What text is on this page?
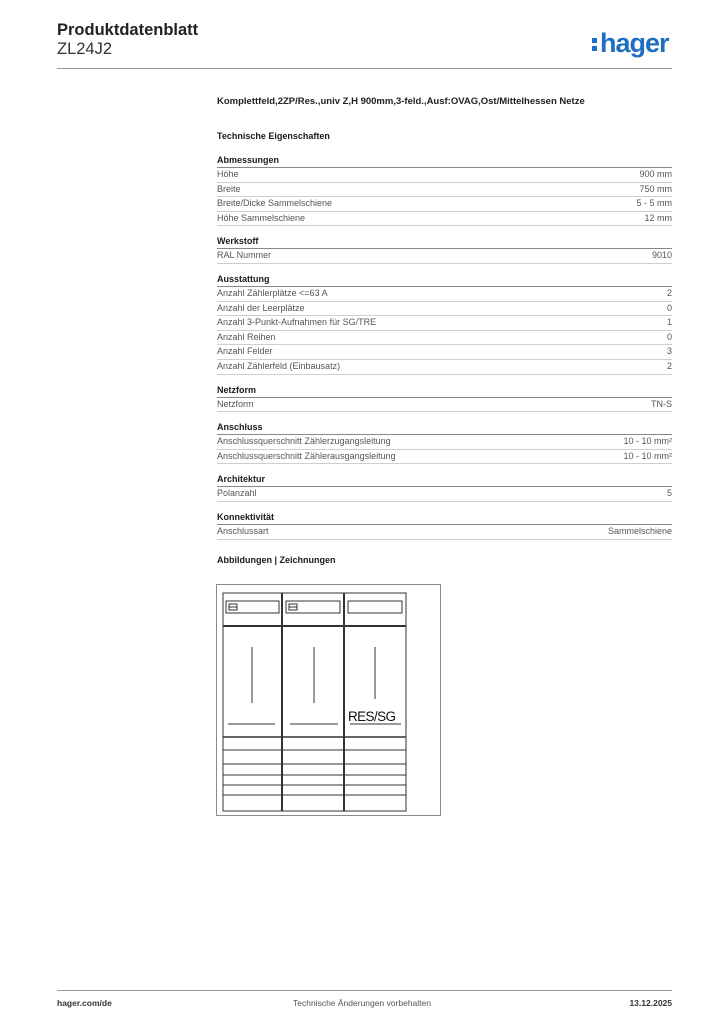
Produktdatenblatt
ZL24J2	hager
Komplettfeld,2ZP/Res.,univ Z,H 900mm,3-feld.,Ausf:OVAG,Ost/Mittelhessen Netze
Technische Eigenschaften
Abmessungen
Höhe	900 mm
Breite	750 mm
Breite/Dicke Sammelschiene	5 - 5 mm
Höhe Sammelschiene	12 mm
Werkstoff
RAL Nummer	9010
Ausstattung
Anzahl Zählerplätze <=63 A	2
Anzahl der Leerplätze	0
Anzahl 3-Punkt-Aufnahmen für SG/TRE	1
Anzahl Reihen	0
Anzahl Felder	3
Anzahl Zählerfeld (Einbausatz)	2
Netzform
Netzform	TN-S
Anschluss
Anschlussquerschnitt Zählerzugangsleitung	10 - 10 mm²
Anschlussquerschnitt Zählerausgangsleitung	10 - 10 mm²
Architektur
Polanzahl	5
Konnektivität
Anschlussart	Sammelschiene
Abbildungen | Zeichnungen
RES/SG
hager.com/de	Technische Änderungen vorbehalten	13.12.2025
